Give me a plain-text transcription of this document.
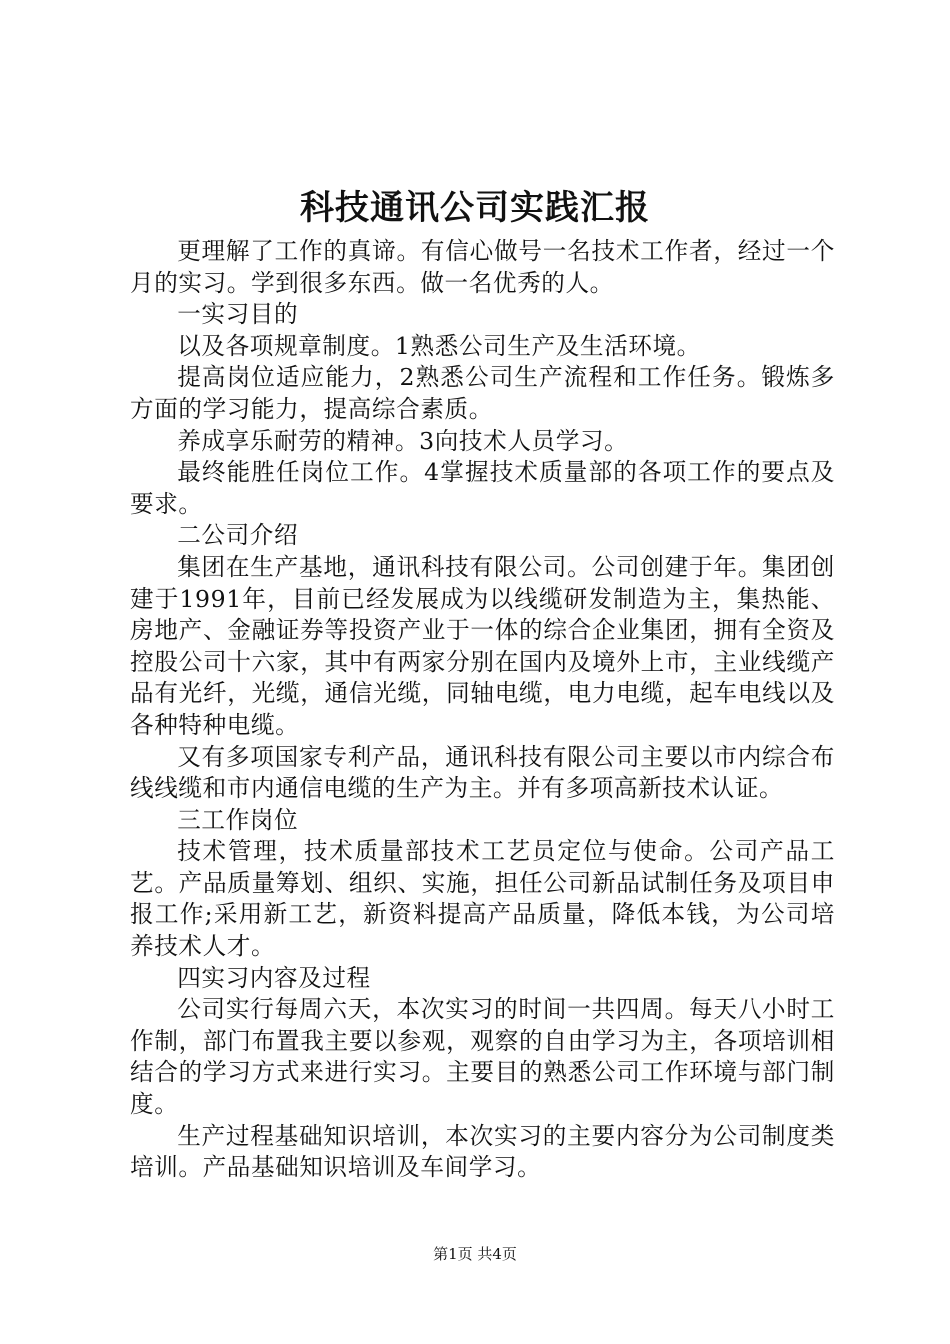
科技通讯公司实践汇报

更理解了工作的真谛。有信心做号一名技术工作者，经过一个月的实习。学到很多东西。做一名优秀的人。

一实习目的

以及各项规章制度。1熟悉公司生产及生活环境。

提高岗位适应能力，2熟悉公司生产流程和工作任务。锻炼多方面的学习能力，提高综合素质。

养成享乐耐劳的精神。3向技术人员学习。

最终能胜任岗位工作。4掌握技术质量部的各项工作的要点及要求。

二公司介绍

集团在生产基地，通讯科技有限公司。公司创建于年。集团创建于1991年，目前已经发展成为以线缆研发制造为主，集热能、房地产、金融证券等投资产业于一体的综合企业集团，拥有全资及控股公司十六家，其中有两家分别在国内及境外上市，主业线缆产品有光纤，光缆，通信光缆，同轴电缆，电力电缆，起车电线以及各种特种电缆。

又有多项国家专利产品，通讯科技有限公司主要以市内综合布线线缆和市内通信电缆的生产为主。并有多项高新技术认证。

三工作岗位

技术管理，技术质量部技术工艺员定位与使命。公司产品工艺。产品质量筹划、组织、实施，担任公司新品试制任务及项目申报工作;采用新工艺，新资料提高产品质量，降低本钱，为公司培养技术人才。

四实习内容及过程

公司实行每周六天，本次实习的时间一共四周。每天八小时工作制，部门布置我主要以参观，观察的自由学习为主，各项培训相结合的学习方式来进行实习。主要目的熟悉公司工作环境与部门制度。

生产过程基础知识培训，本次实习的主要内容分为公司制度类培训。产品基础知识培训及车间学习。

第1页 共4页
